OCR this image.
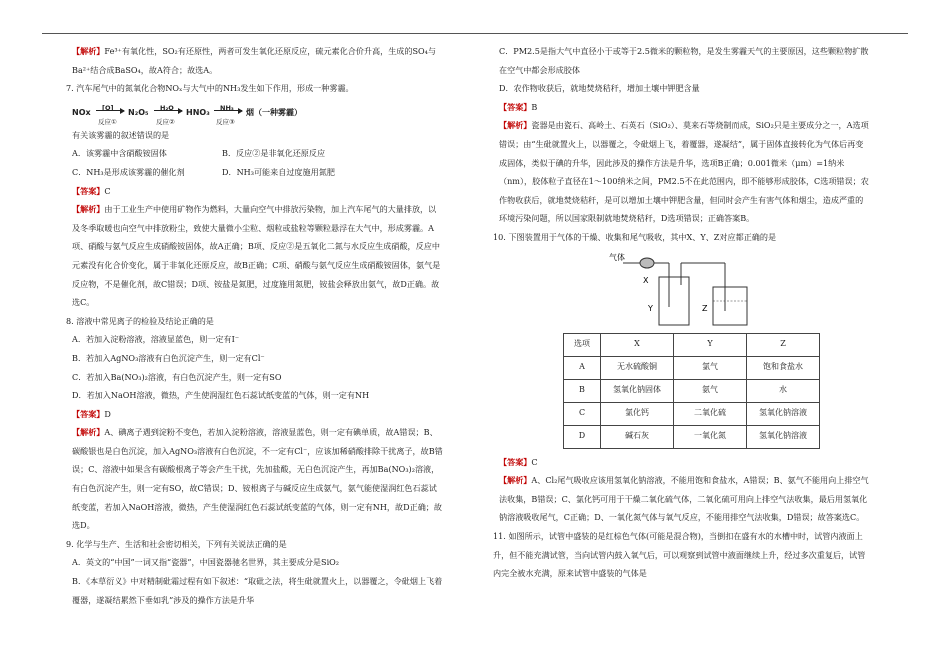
【解析】Fe³⁺有氧化性，SO₂有还原性，两者可发生氧化还原反应，硫元素化合价升高，生成的SO₄与Ba²⁺结合成BaSO₄，故A符合；故选A。

7. 汽车尾气中的氮氧化合物NOₓ与大气中的NH₃发生如下作用，形成一种雾霾。

NOx [O]
反应①
N₂O₅ H₂O
反应②
HNO₃ NH₃
反应③
烟（一种雾霾）

有关该雾霾的叙述错误的是

A．该雾霾中含硝酸铵固体	B．反应②是非氧化还原反应

C．NH₃是形成该雾霾的催化剂	D．NH₃可能来自过度施用氮肥

【答案】C

【解析】由于工业生产中使用矿物作为燃料，大量向空气中排放污染物，加上汽车尾气的大量排放，以及冬季取暖也向空气中排放粉尘，致使大量微小尘粒、烟粒或盐粒等颗粒悬浮在大气中，形成雾霾。A项、硝酸与氨气反应生成硝酸铵固体，故A正确；B项、反应②是五氧化二氮与水反应生成硝酸，反应中元素没有化合价变化，属于非氧化还原反应，故B正确；C项、硝酸与氨气反应生成硝酸铵固体，氨气是反应物，不是催化剂，故C错误；D项、铵盐是氮肥，过度施用氮肥，铵盐会释放出氨气，故D正确。故选C。

8. 溶液中常见离子的检验及结论正确的是

A．若加入淀粉溶液，溶液显蓝色，则一定有I⁻

B．若加入AgNO₃溶液有白色沉淀产生，则一定有Cl⁻

C．若加入Ba(NO₃)₂溶液，有白色沉淀产生，则一定有SO

D．若加入NaOH溶液，微热，产生使润湿红色石蕊试纸变蓝的气体，则一定有NH

【答案】D

【解析】A、碘离子遇到淀粉不变色，若加入淀粉溶液，溶液显蓝色，则一定有碘单质，故A错误；B、碳酸银也是白色沉淀，加入AgNO₃溶液有白色沉淀，不一定有Cl⁻，应该加稀硝酸排除干扰离子，故B错误；C、溶液中如果含有碳酸根离子等会产生干扰，先加盐酸，无白色沉淀产生，再加Ba(NO₃)₂溶液，有白色沉淀产生，则一定有SO，故C错误；D、铵根离子与碱反应生成氨气，氨气能使湿润红色石蕊试纸变蓝，若加入NaOH溶液，微热，产生使湿润红色石蕊试纸变蓝的气体，则一定有NH，故D正确；故选D。

9. 化学与生产、生活和社会密切相关，下列有关说法正确的是

A．英文的“中国”一词又指“瓷器”，中国瓷器驰名世界，其主要成分是SiO₂

B．《本草衍义》中对精制砒霜过程有如下叙述：“取砒之法，将生砒就置火上，以器覆之，令砒烟上飞着覆器，遂凝结累然下垂如乳”涉及的操作方法是升华

C．PM2.5是指大气中直径小于或等于2.5微米的颗粒物，是发生雾霾天气的主要原因，这些颗粒物扩散在空气中都会形成胶体

D．农作物收获后，就地焚烧秸秆，增加土壤中钾肥含量

【答案】B

【解析】瓷器是由瓷石、高岭土、石英石（SiO₂）、莫来石等烧制而成，SiO₂只是主要成分之一，A选项错误；由“生砒就置火上，以器覆之，令砒烟上飞，着覆器，遂凝结”，属于固体直接转化为气体后再变成固体，类似于碘的升华，因此涉及的操作方法是升华，选项B正确；0.001微米（μm）=1纳米（nm），胶体粒子直径在1～100纳米之间，PM2.5不在此范围内，即不能够形成胶体，C选项错误；农作物收获后，就地焚烧秸秆，是可以增加土壤中钾肥含量，但同时会产生有害气体和烟尘，造成严重的环境污染问题，所以国家限制就地焚烧秸秆，D选项错误；正确答案B。

10. 下图装置用于气体的干燥、收集和尾气吸收，其中X、Y、Z对应都正确的是

气体
X
Y	Z
选项	X	Y	Z
A	无水硫酸铜	氯气	饱和食盐水
B	氢氧化钠固体	氨气	水
C	氯化钙	二氧化硫	氢氧化钠溶液
D	碱石灰	一氧化氮	氢氧化钠溶液

【答案】C

【解析】A、Cl₂尾气吸收应该用氢氧化钠溶液，不能用饱和食盐水，A错误；B、氨气不能用向上排空气法收集，B错误；C、氯化钙可用于干燥二氧化硫气体，二氧化硫可用向上排空气法收集，最后用氢氧化钠溶液吸收尾气，C正确；D、一氧化氮气体与氧气反应，不能用排空气法收集，D错误；故答案选C。

11. 如图所示，试管中盛装的是红棕色气体(可能是混合物)，当倒扣在盛有水的水槽中时，试管内液面上升，但不能充满试管，当向试管内鼓入氧气后，可以观察到试管中液面继续上升，经过多次重复后，试管内完全被水充满，原来试管中盛装的气体是
